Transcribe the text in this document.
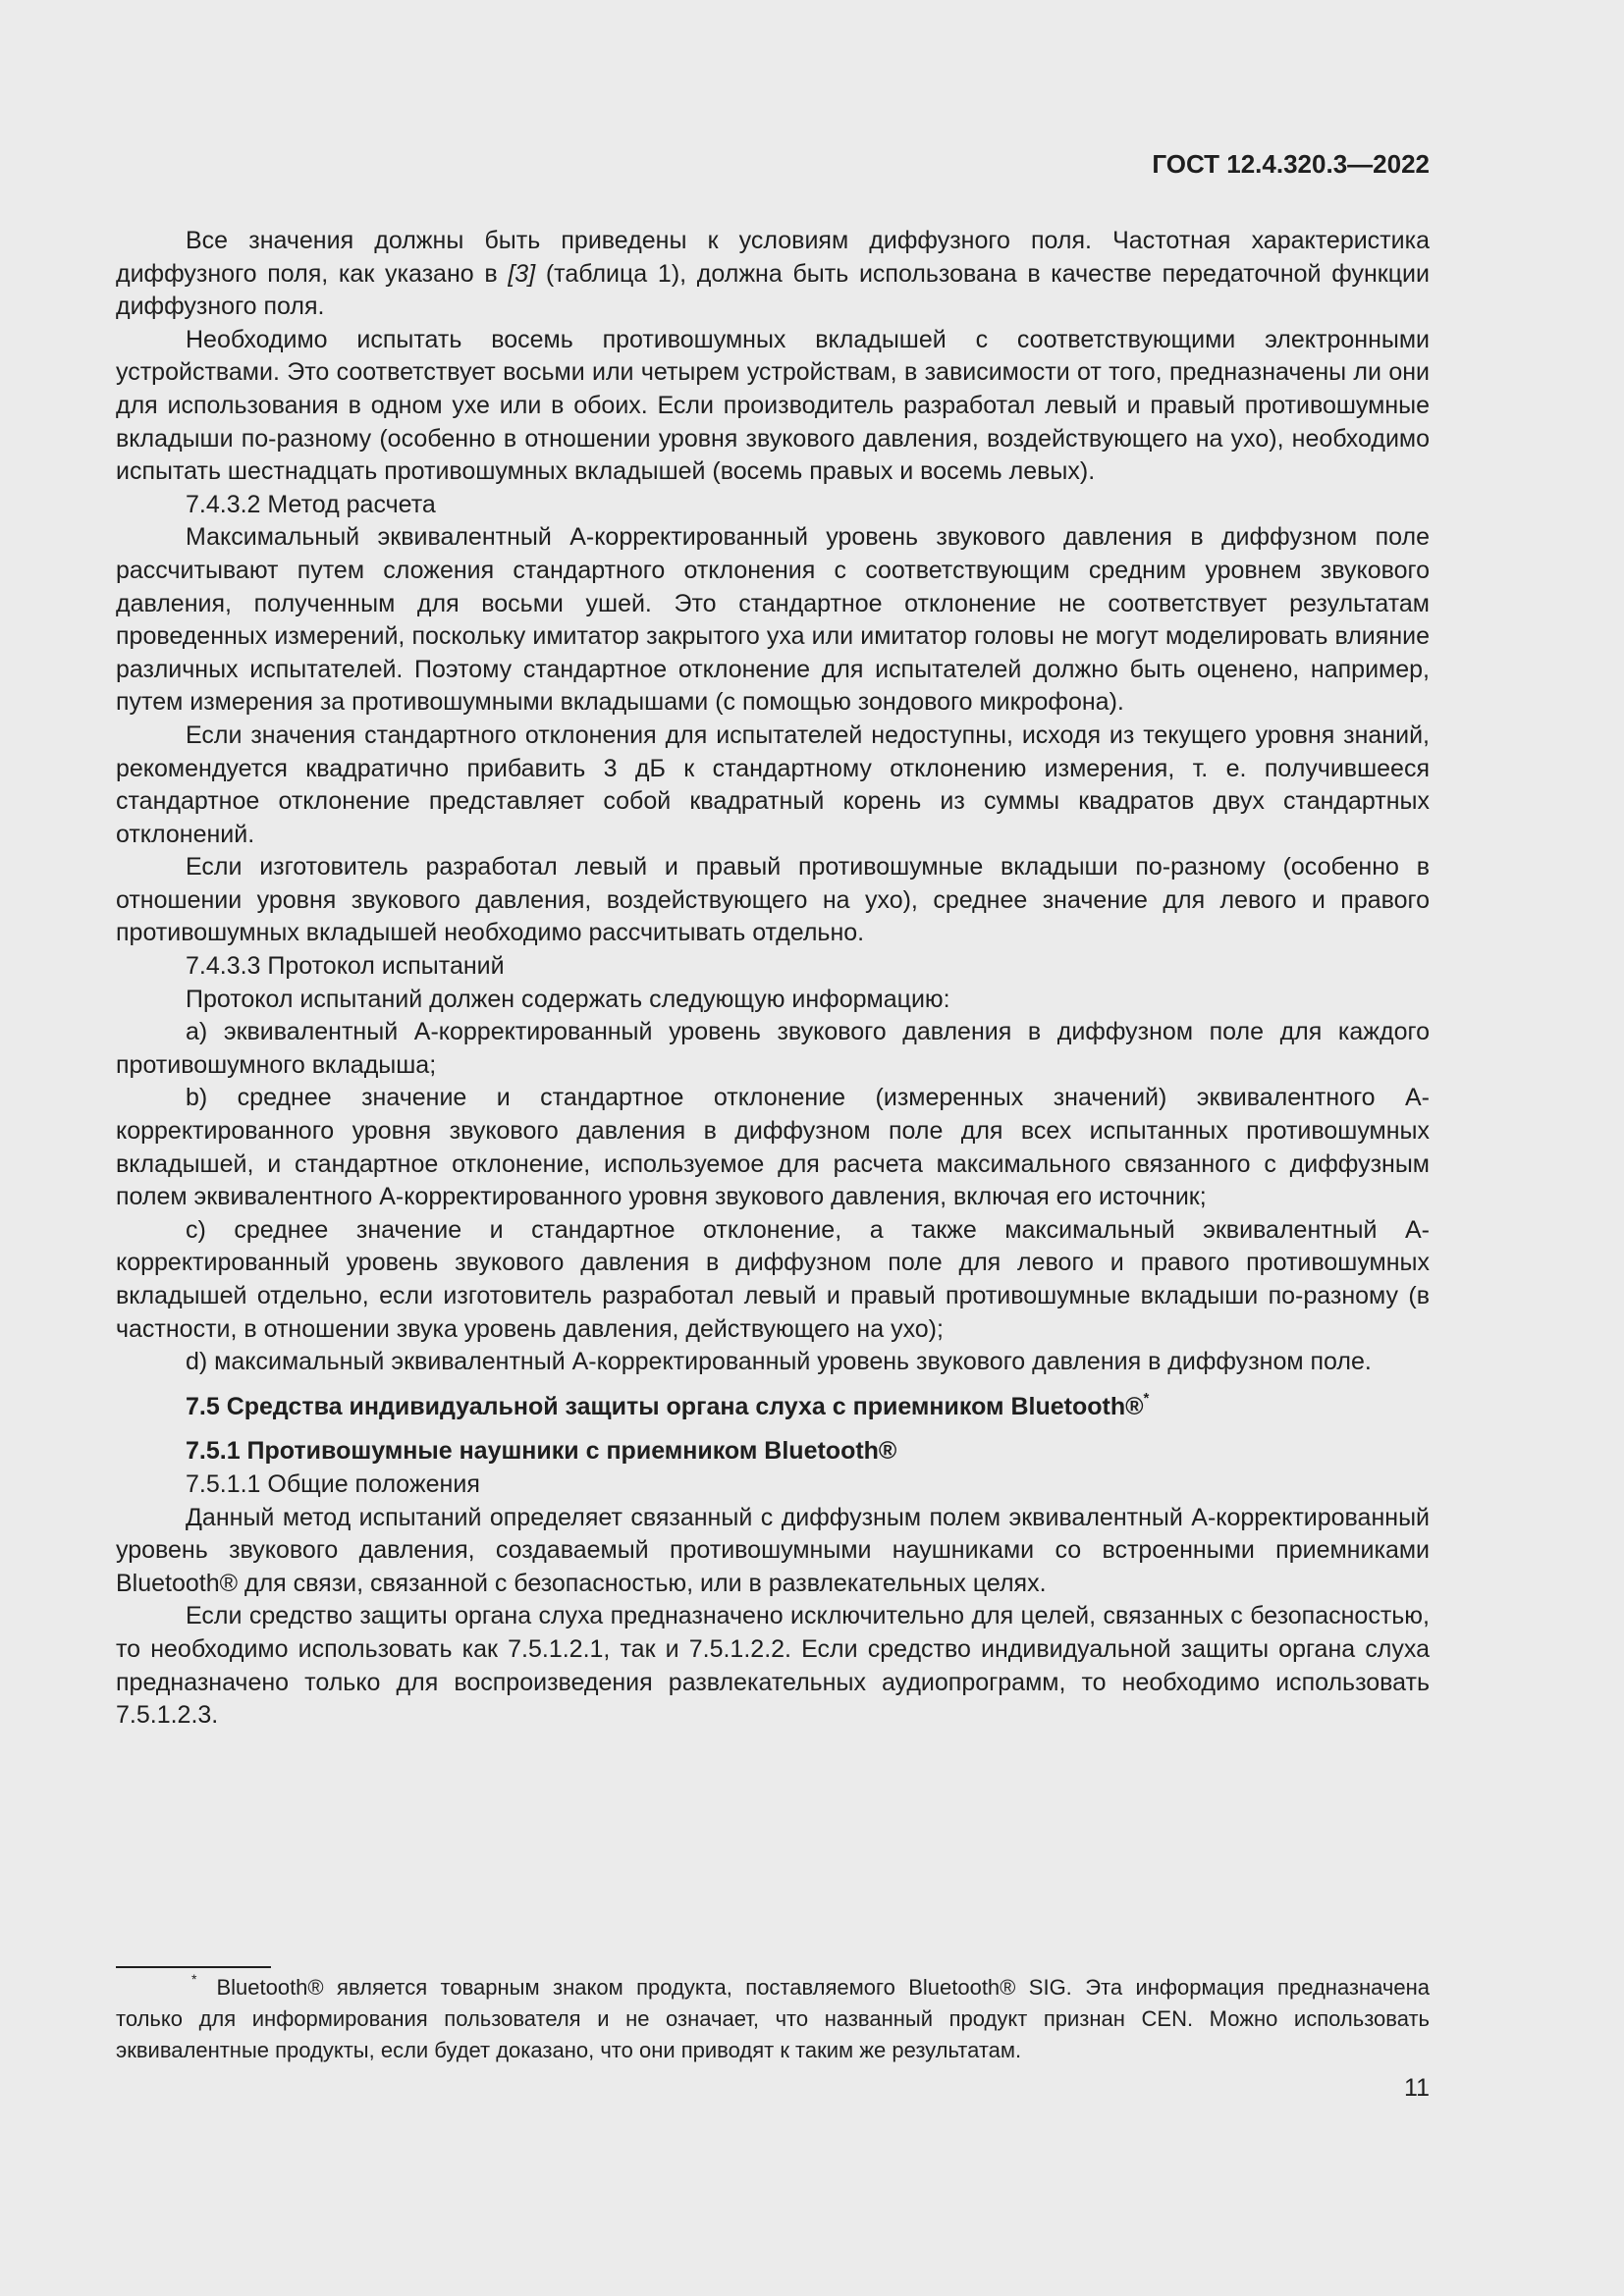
ГОСТ 12.4.320.3—2022

Все значения должны быть приведены к условиям диффузного поля. Частотная характеристика диффузного поля, как указано в [3] (таблица 1), должна быть использована в качестве передаточной функции диффузного поля.

Необходимо испытать восемь противошумных вкладышей с соответствующими электронными устройствами. Это соответствует восьми или четырем устройствам, в зависимости от того, предназначены ли они для использования в одном ухе или в обоих. Если производитель разработал левый и правый противошумные вкладыши по-разному (особенно в отношении уровня звукового давления, воздействующего на ухо), необходимо испытать шестнадцать противошумных вкладышей (восемь правых и восемь левых).

7.4.3.2 Метод расчета

Максимальный эквивалентный А-корректированный уровень звукового давления в диффузном поле рассчитывают путем сложения стандартного отклонения с соответствующим средним уровнем звукового давления, полученным для восьми ушей. Это стандартное отклонение не соответствует результатам проведенных измерений, поскольку имитатор закрытого уха или имитатор головы не могут моделировать влияние различных испытателей. Поэтому стандартное отклонение для испытателей должно быть оценено, например, путем измерения за противошумными вкладышами (с помощью зондового микрофона).

Если значения стандартного отклонения для испытателей недоступны, исходя из текущего уровня знаний, рекомендуется квадратично прибавить 3 дБ к стандартному отклонению измерения, т. е. получившееся стандартное отклонение представляет собой квадратный корень из суммы квадратов двух стандартных отклонений.

Если изготовитель разработал левый и правый противошумные вкладыши по-разному (особенно в отношении уровня звукового давления, воздействующего на ухо), среднее значение для левого и правого противошумных вкладышей необходимо рассчитывать отдельно.

7.4.3.3 Протокол испытаний

Протокол испытаний должен содержать следующую информацию:

a) эквивалентный А-корректированный уровень звукового давления в диффузном поле для каждого противошумного вкладыша;

b) среднее значение и стандартное отклонение (измеренных значений) эквивалентного А-корректированного уровня звукового давления в диффузном поле для всех испытанных противошумных вкладышей, и стандартное отклонение, используемое для расчета максимального связанного с диффузным полем эквивалентного А-корректированного уровня звукового давления, включая его источник;

c) среднее значение и стандартное отклонение, а также максимальный эквивалентный А-корректированный уровень звукового давления в диффузном поле для левого и правого противошумных вкладышей отдельно, если изготовитель разработал левый и правый противошумные вкладыши по-разному (в частности, в отношении звука уровень давления, действующего на ухо);

d) максимальный эквивалентный А-корректированный уровень звукового давления в диффузном поле.

7.5 Средства индивидуальной защиты органа слуха с приемником Bluetooth®*

7.5.1 Противошумные наушники с приемником Bluetooth®

7.5.1.1 Общие положения

Данный метод испытаний определяет связанный с диффузным полем эквивалентный А-корректированный уровень звукового давления, создаваемый противошумными наушниками со встроенными приемниками Bluetooth® для связи, связанной с безопасностью, или в развлекательных целях.

Если средство защиты органа слуха предназначено исключительно для целей, связанных с безопасностью, то необходимо использовать как 7.5.1.2.1, так и 7.5.1.2.2. Если средство индивидуальной защиты органа слуха предназначено только для воспроизведения развлекательных аудиопрограмм, то необходимо использовать 7.5.1.2.3.

* Bluetooth® является товарным знаком продукта, поставляемого Bluetooth® SIG. Эта информация предназначена только для информирования пользователя и не означает, что названный продукт признан CEN. Можно использовать эквивалентные продукты, если будет доказано, что они приводят к таким же результатам.

11
